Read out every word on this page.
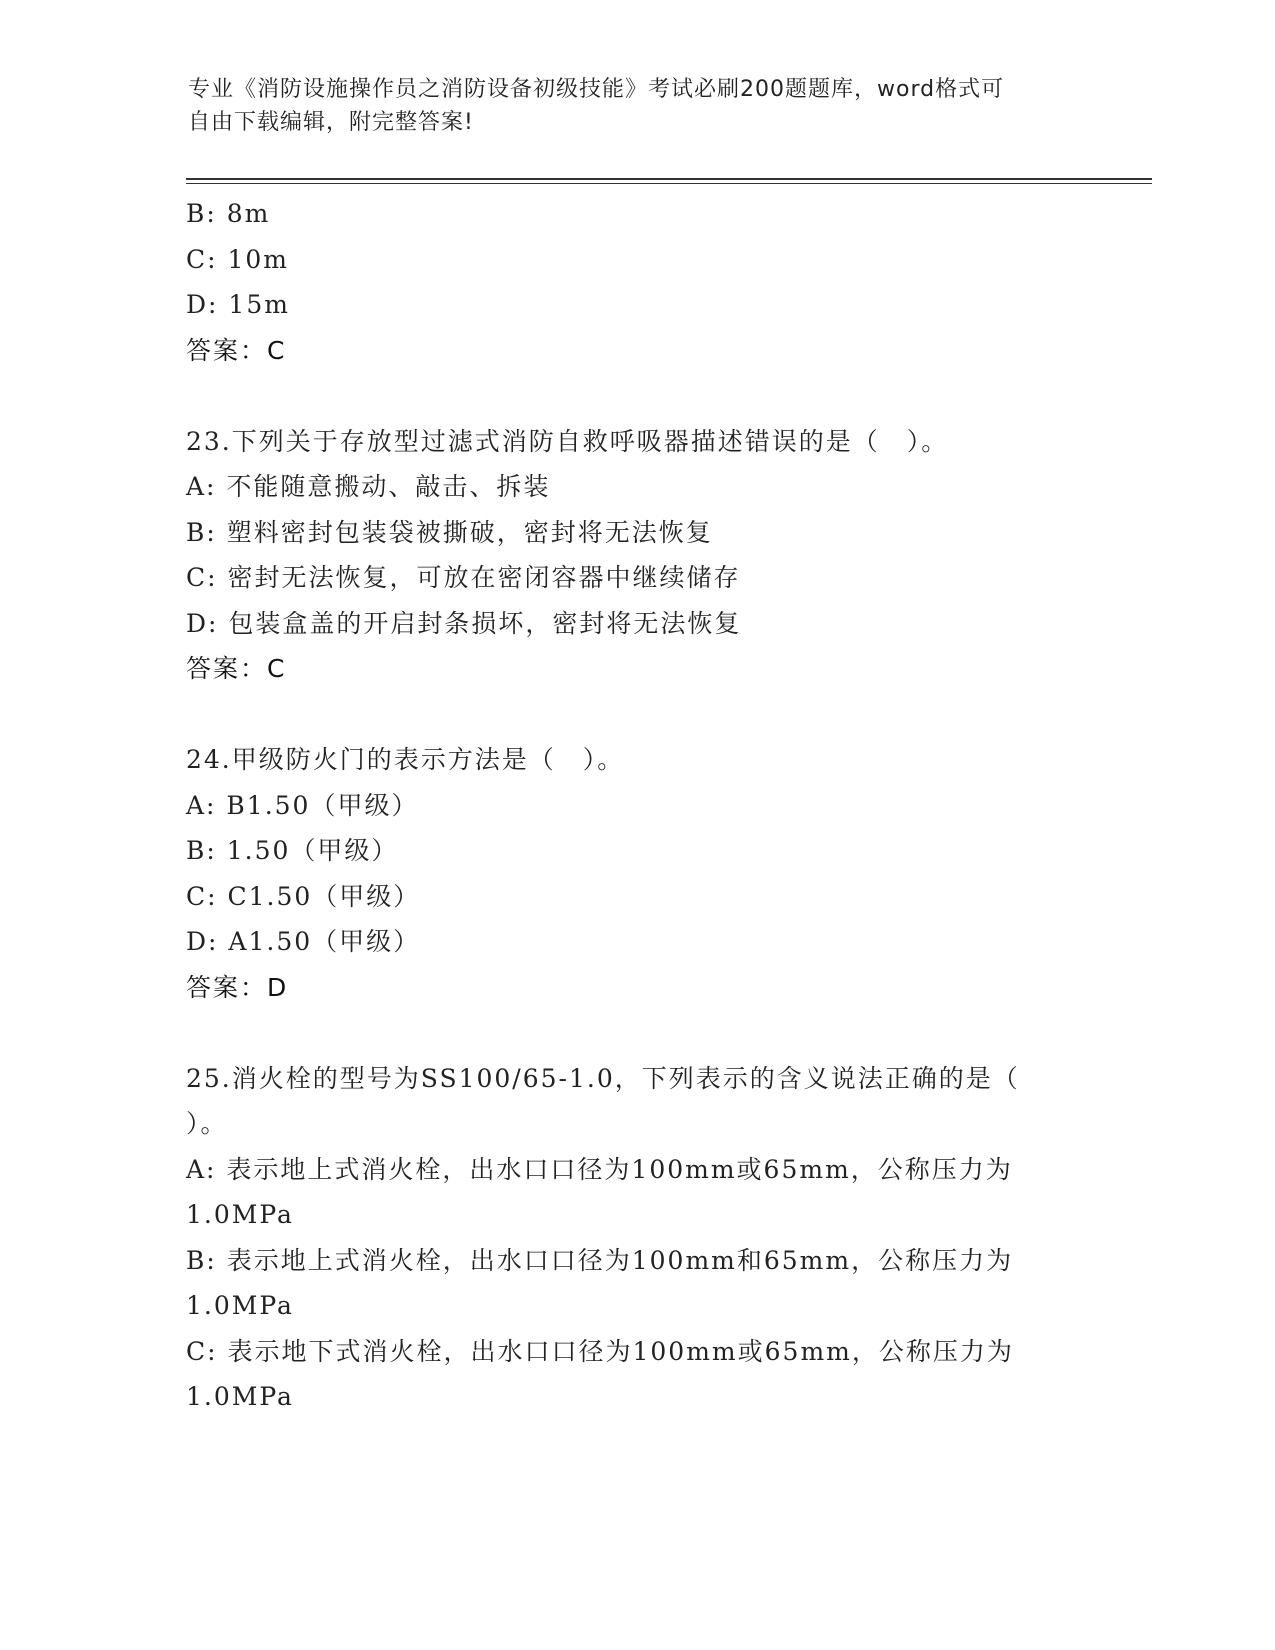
专业《消防设施操作员之消防设备初级技能》考试必刷200题题库，word格式可
自由下载编辑，附完整答案!
B: 8m
C: 10m
D: 15m
答案：C
23.下列关于存放型过滤式消防自救呼吸器描述错误的是（　）。
A: 不能随意搬动、敲击、拆装
B: 塑料密封包装袋被撕破，密封将无法恢复
C: 密封无法恢复，可放在密闭容器中继续储存
D: 包装盒盖的开启封条损坏，密封将无法恢复
答案：C
24.甲级防火门的表示方法是（　）。
A: B1.50（甲级）
B: 1.50（甲级）
C: C1.50（甲级）
D: A1.50（甲级）
答案：D
25.消火栓的型号为SS100/65-1.0，下列表示的含义说法正确的是（
）。
A: 表示地上式消火栓，出水口口径为100mm或65mm，公称压力为
1.0MPa
B: 表示地上式消火栓，出水口口径为100mm和65mm，公称压力为
1.0MPa
C: 表示地下式消火栓，出水口口径为100mm或65mm，公称压力为
1.0MPa
